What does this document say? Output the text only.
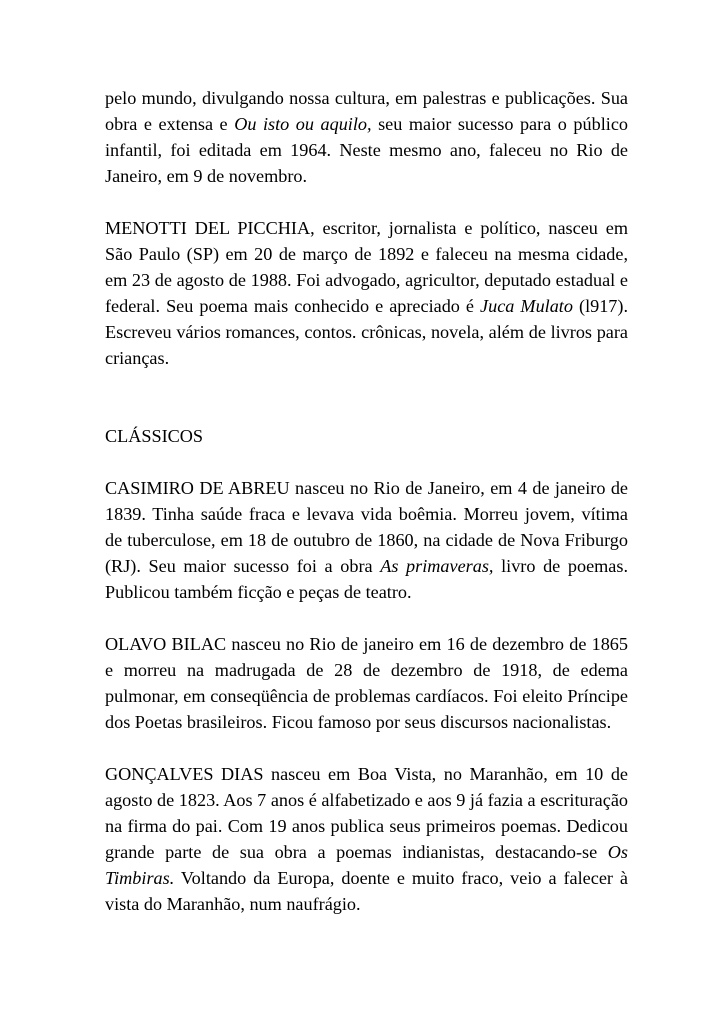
pelo mundo, divulgando nossa cultura, em palestras e publicações. Sua obra e extensa e Ou isto ou aquilo, seu maior sucesso para o público infantil, foi editada em 1964. Neste mesmo ano, faleceu no Rio de Janeiro, em 9 de novembro.

MENOTTI DEL PICCHIA, escritor, jornalista e político, nasceu em São Paulo (SP) em 20 de março de 1892 e faleceu na mesma cidade, em 23 de agosto de 1988. Foi advogado, agricultor, deputado estadual e federal. Seu poema mais conhecido e apreciado é Juca Mulato (l917). Escreveu vários romances, contos. crônicas, novela, além de livros para crianças.

CLÁSSICOS

CASIMIRO DE ABREU nasceu no Rio de Janeiro, em 4 de janeiro de 1839. Tinha saúde fraca e levava vida boêmia. Morreu jovem, vítima de tuberculose, em 18 de outubro de 1860, na cidade de Nova Friburgo (RJ). Seu maior sucesso foi a obra As primaveras, livro de poemas. Publicou também ficção e peças de teatro.

OLAVO BILAC nasceu no Rio de janeiro em 16 de dezembro de 1865 e morreu na madrugada de 28 de dezembro de 1918, de edema pulmonar, em conseqüência de problemas cardíacos. Foi eleito Príncipe dos Poetas brasileiros. Ficou famoso por seus discursos nacionalistas.

GONÇALVES DIAS nasceu em Boa Vista, no Maranhão, em 10 de agosto de 1823. Aos 7 anos é alfabetizado e aos 9 já fazia a escrituração na firma do pai. Com 19 anos publica seus primeiros poemas. Dedicou grande parte de sua obra a poemas indianistas, destacando-se Os Timbiras. Voltando da Europa, doente e muito fraco, veio a falecer à vista do Maranhão, num naufrágio.
